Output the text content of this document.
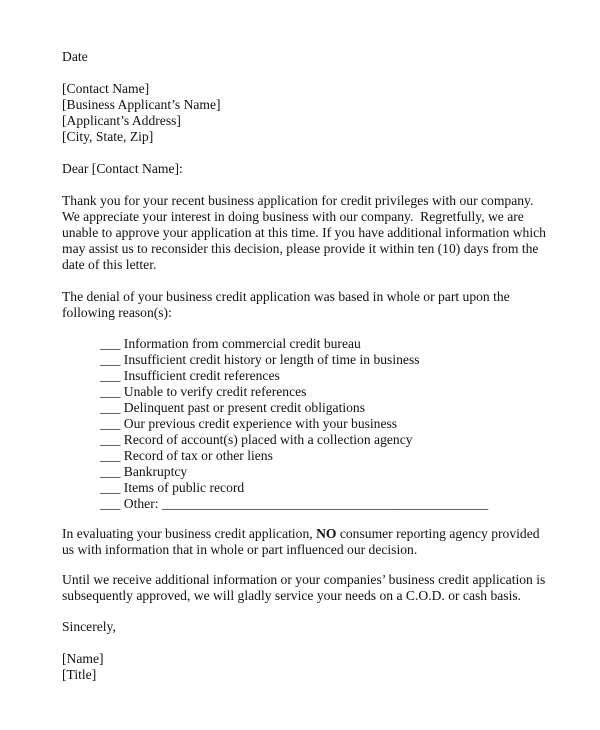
Date
[Contact Name]
[Business Applicant’s Name]
[Applicant’s Address]
[City, State, Zip]
Dear [Contact Name]:
Thank you for your recent business application for credit privileges with our company.
We appreciate your interest in doing business with our company.  Regretfully, we are
unable to approve your application at this time. If you have additional information which
may assist us to reconsider this decision, please provide it within ten (10) days from the
date of this letter.
The denial of your business credit application was based in whole or part upon the
following reason(s):
___ Information from commercial credit bureau
___ Insufficient credit history or length of time in business
___ Insufficient credit references
___ Unable to verify credit references
___ Delinquent past or present credit obligations
___ Our previous credit experience with your business
___ Record of account(s) placed with a collection agency
___ Record of tax or other liens
___ Bankruptcy
___ Items of public record
___ Other: ________________________________________________
In evaluating your business credit application, NO consumer reporting agency provided
us with information that in whole or part influenced our decision.
Until we receive additional information or your companies’ business credit application is
subsequently approved, we will gladly service your needs on a C.O.D. or cash basis.
Sincerely,
[Name]
[Title]
